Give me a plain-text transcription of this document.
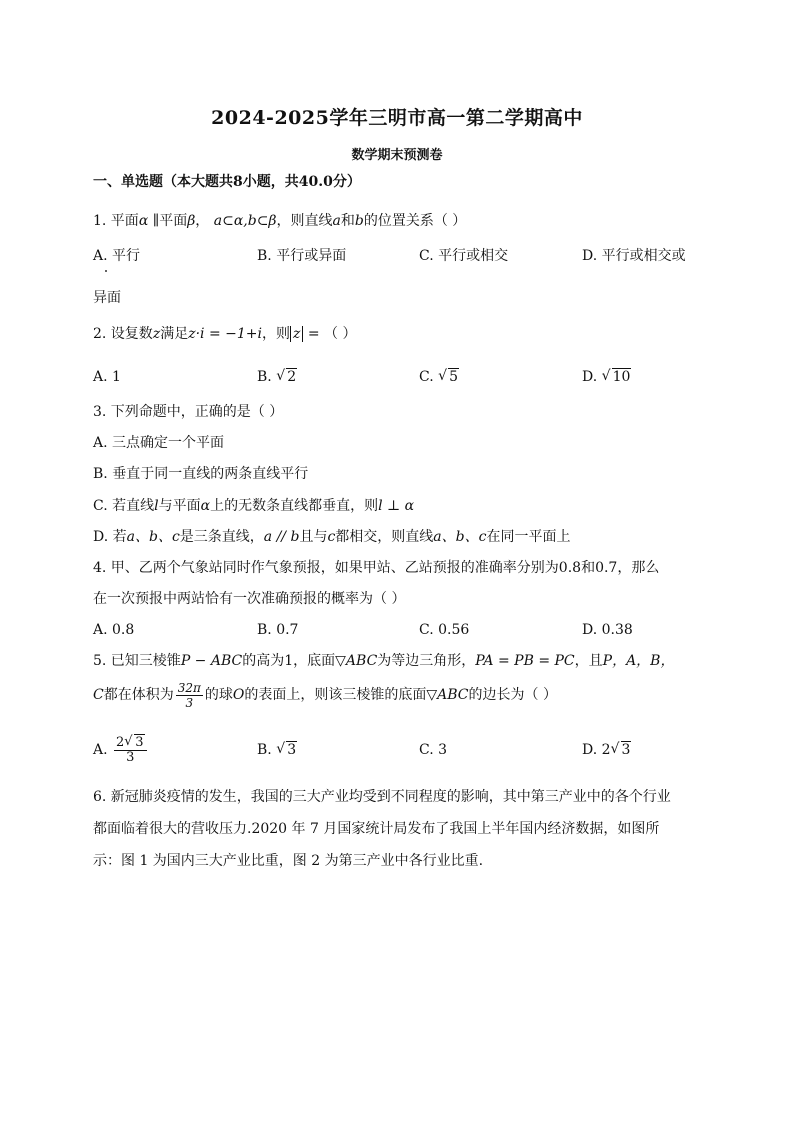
2024-2025学年三明市高一第二学期高中
数学期末预测卷
一、单选题（本大题共8小题，共40.0分）
1. 平面α ∥平面β， a⊂α,b⊂β，则直线a和b的位置关系（ ）
A. 平行	B. 平行或异面	C. 平行或相交	D. 平行或相交或
异面
2. 设复数z满足z·i = −1+i，则 z = （ ）
A. 1	B. √ 2	C. √ 5	D. √ 10
3. 下列命题中，正确的是（ ）
A. 三点确定一个平面
B. 垂直于同一直线的两条直线平行
C. 若直线l与平面α上的无数条直线都垂直，则l ⊥ α
D. 若a、b、c是三条直线，a // b且与c都相交，则直线a、b、c在同一平面上
4. 甲、乙两个气象站同时作气象预报，如果甲站、乙站预报的准确率分别为0.8和0.7，那么
在一次预报中两站恰有一次准确预报的概率为（ ）
A. 0.8	B. 0.7	C. 0.56	D. 0.38
5. 已知三棱锥P − ABC的高为1，底面▽ABC为等边三角形，PA = PB = PC，且P，A，B，
C都在体积为 $\frac{32\pi}{3}$ 的球O的表面上，则该三棱锥的底面▽ABC的边长为（ ）
A. $\frac{2 √ 3}{3}$	B. √ 3	C. 3	D. 2 √ 3
6. 新冠肺炎疫情的发生，我国的三大产业均受到不同程度的影响，其中第三产业中的各个行业
都面临着很大的营收压力.2020 年 7 月国家统计局发布了我国上半年国内经济数据，如图所
示：图 1 为国内三大产业比重，图 2 为第三产业中各行业比重.
